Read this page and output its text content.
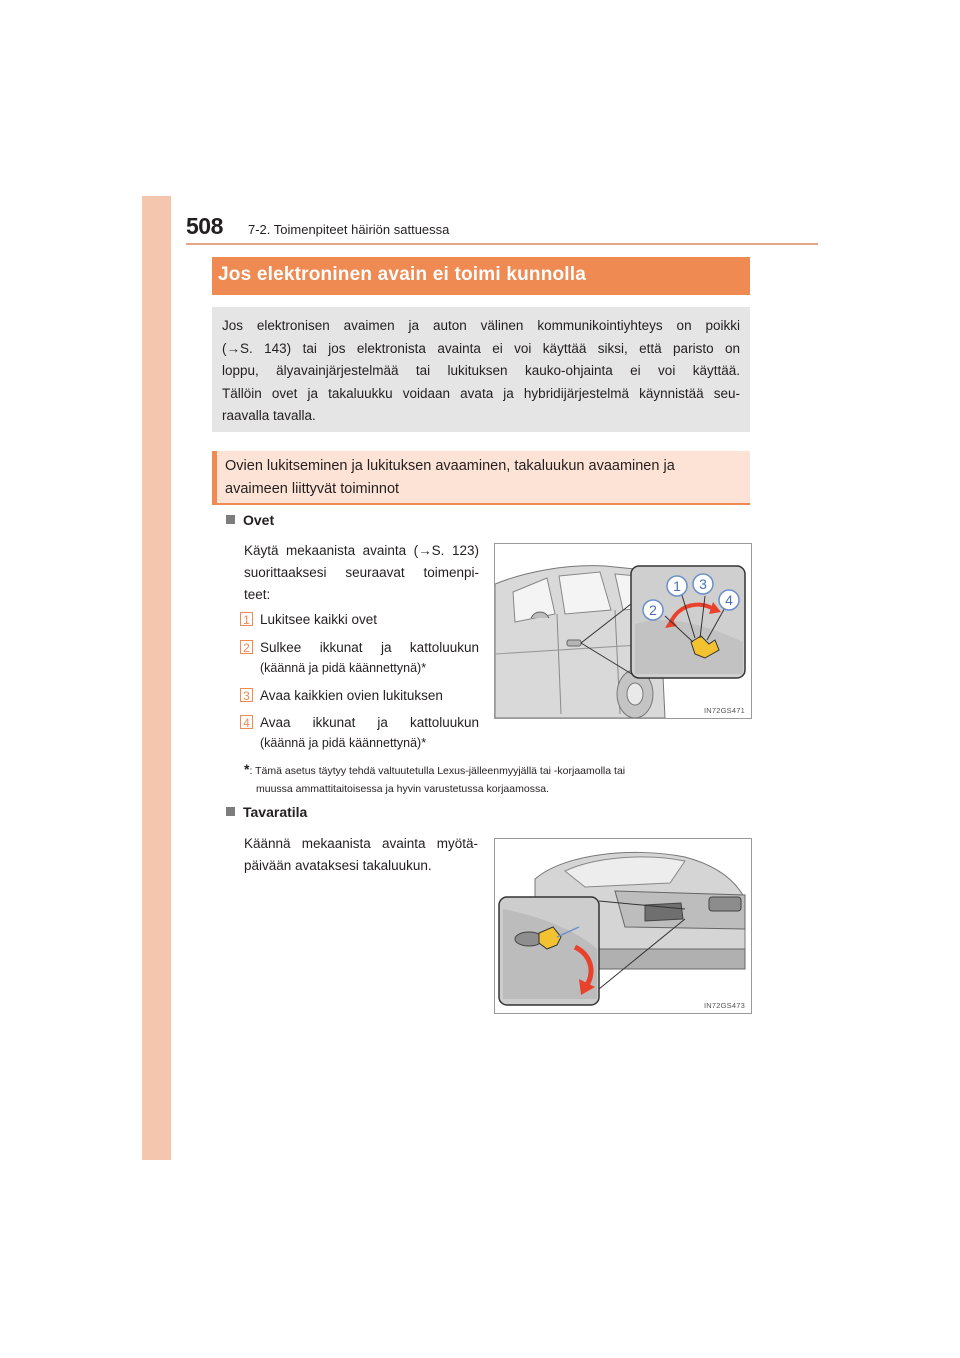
508 7-2. Toimenpiteet häiriön sattuessa
Jos elektroninen avain ei toimi kunnolla
Jos elektronisen avaimen ja auton välinen kommunikointiyhteys on poikki
(→S. 143) tai jos elektronista avainta ei voi käyttää siksi, että paristo on
loppu, älyavainjärjestelmää tai lukituksen kauko-ohjainta ei voi käyttää.
Tällöin ovet ja takaluukku voidaan avata ja hybridijärjestelmä käynnistää seu-
raavalla tavalla.
Ovien lukitseminen ja lukituksen avaaminen, takaluukun avaaminen ja
avaimeen liittyvät toiminnot
Ovet
Käytä mekaanista avainta (→S. 123)
suorittaaksesi seuraavat toimenpi-
teet:
1 Lukitsee kaikki ovet
2 Sulkee ikkunat ja kattoluukun
(käännä ja pidä käännettynä)*
3 Avaa kaikkien ovien lukituksen
4 Avaa ikkunat ja kattoluukun
(käännä ja pidä käännettynä)*
1
2
3
4
IN72GS471
*: Tämä asetus täytyy tehdä valtuutetulla Lexus-jälleenmyyjällä tai -korjaamolla tai
muussa ammattitaitoisessa ja hyvin varustetussa korjaamossa.
Tavaratila
Käännä mekaanista avainta myötä-
päivään avataksesi takaluukun.
IN72GS473
